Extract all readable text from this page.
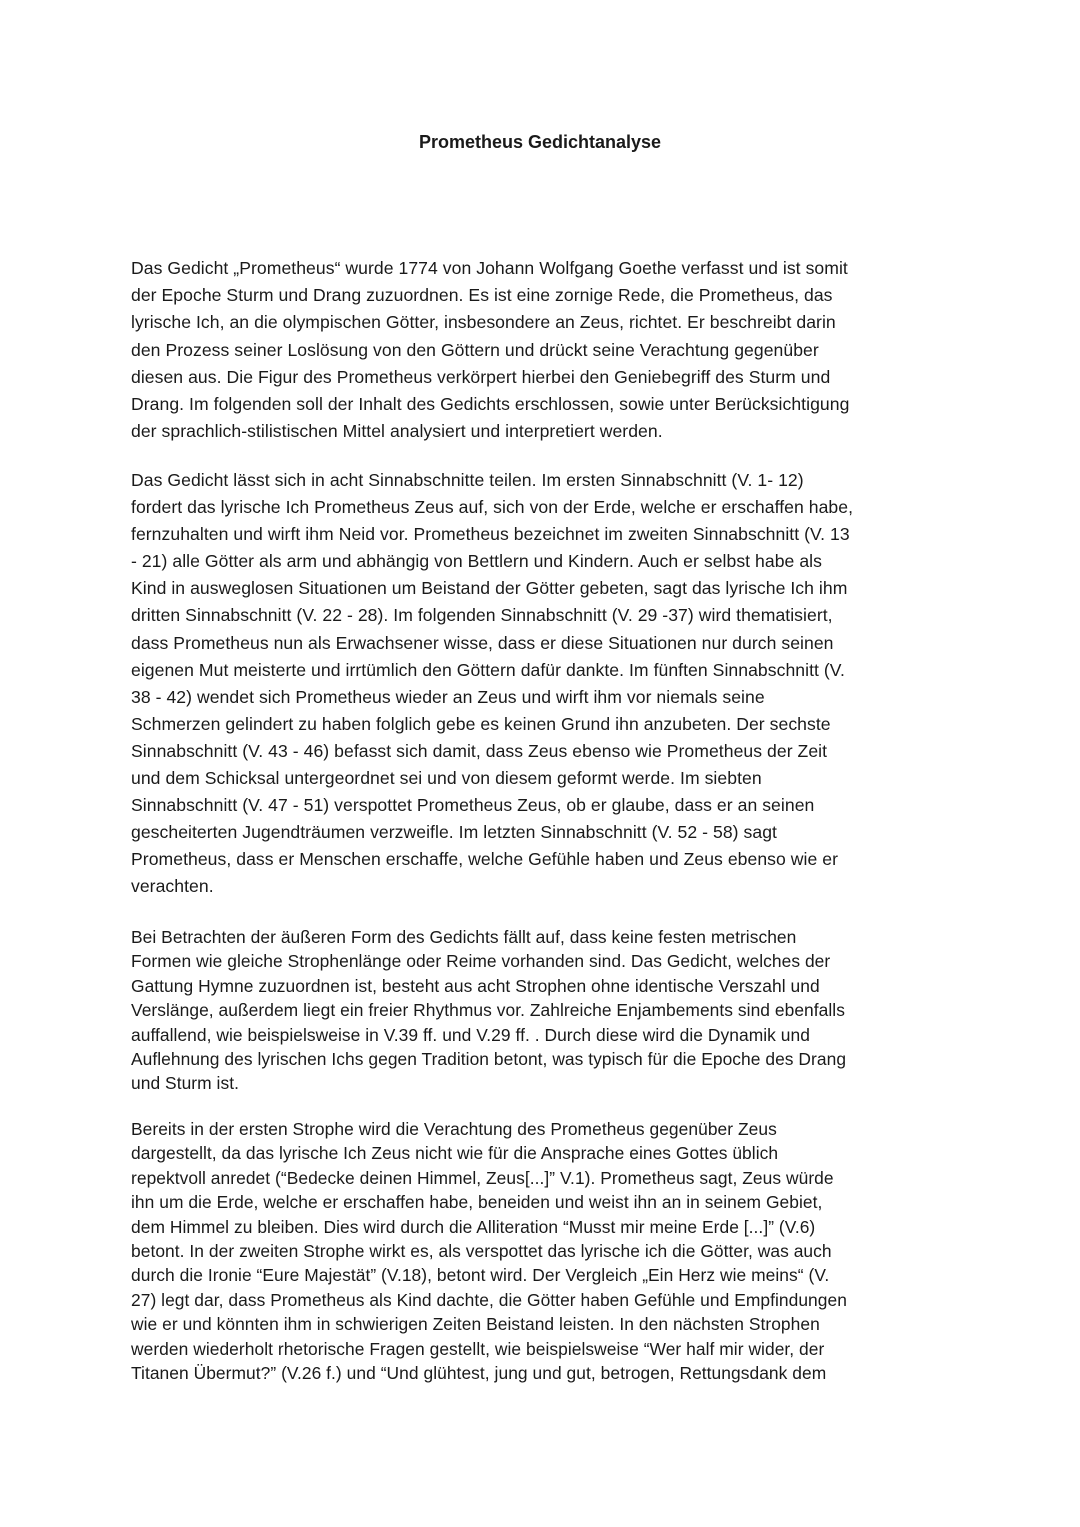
Prometheus Gedichtanalyse

Das Gedicht „Prometheus“ wurde 1774 von Johann Wolfgang Goethe verfasst und ist somit
der Epoche Sturm und Drang zuzuordnen. Es ist eine zornige Rede, die Prometheus, das
lyrische Ich, an die olympischen Götter, insbesondere an Zeus, richtet. Er beschreibt darin
den Prozess seiner Loslösung von den Göttern und drückt seine Verachtung gegenüber
diesen aus. Die Figur des Prometheus verkörpert hierbei den Geniebegriff des Sturm und
Drang. Im folgenden soll der Inhalt des Gedichts erschlossen, sowie unter Berücksichtigung
der sprachlich-stilistischen Mittel analysiert und interpretiert werden.

Das Gedicht lässt sich in acht Sinnabschnitte teilen. Im ersten Sinnabschnitt (V. 1- 12)
fordert das lyrische Ich Prometheus Zeus auf, sich von der Erde, welche er erschaffen habe,
fernzuhalten und wirft ihm Neid vor. Prometheus bezeichnet im zweiten Sinnabschnitt (V. 13
- 21) alle Götter als arm und abhängig von Bettlern und Kindern. Auch er selbst habe als
Kind in ausweglosen Situationen um Beistand der Götter gebeten, sagt das lyrische Ich ihm
dritten Sinnabschnitt (V. 22 - 28). Im folgenden Sinnabschnitt (V. 29 -37) wird thematisiert,
dass Prometheus nun als Erwachsener wisse, dass er diese Situationen nur durch seinen
eigenen Mut meisterte und irrtümlich den Göttern dafür dankte. Im fünften Sinnabschnitt (V.
38 - 42) wendet sich Prometheus wieder an Zeus und wirft ihm vor niemals seine
Schmerzen gelindert zu haben folglich gebe es keinen Grund ihn anzubeten. Der sechste
Sinnabschnitt (V. 43 - 46) befasst sich damit, dass Zeus ebenso wie Prometheus der Zeit
und dem Schicksal untergeordnet sei und von diesem geformt werde. Im siebten
Sinnabschnitt (V. 47 - 51) verspottet Prometheus Zeus, ob er glaube, dass er an seinen
gescheiterten Jugendträumen verzweifle. Im letzten Sinnabschnitt (V. 52 - 58) sagt
Prometheus, dass er Menschen erschaffe, welche Gefühle haben und Zeus ebenso wie er
verachten.

Bei Betrachten der äußeren Form des Gedichts fällt auf, dass keine festen metrischen
Formen wie gleiche Strophenlänge oder Reime vorhanden sind. Das Gedicht, welches der
Gattung Hymne zuzuordnen ist, besteht aus acht Strophen ohne identische Verszahl und
Verslänge, außerdem liegt ein freier Rhythmus vor. Zahlreiche Enjambements sind ebenfalls
auffallend, wie beispielsweise in V.39 ff. und V.29 ff. . Durch diese wird die Dynamik und
Auflehnung des lyrischen Ichs gegen Tradition betont, was typisch für die Epoche des Drang
und Sturm ist.

Bereits in der ersten Strophe wird die Verachtung des Prometheus gegenüber Zeus
dargestellt, da das lyrische Ich Zeus nicht wie für die Ansprache eines Gottes üblich
repektvoll anredet (“Bedecke deinen Himmel, Zeus[...]” V.1). Prometheus sagt, Zeus würde
ihn um die Erde, welche er erschaffen habe, beneiden und weist ihn an in seinem Gebiet,
dem Himmel zu bleiben. Dies wird durch die Alliteration “Musst mir meine Erde [...]” (V.6)
betont. In der zweiten Strophe wirkt es, als verspottet das lyrische ich die Götter, was auch
durch die Ironie “Eure Majestät” (V.18), betont wird. Der Vergleich „Ein Herz wie meins“ (V.
27) legt dar, dass Prometheus als Kind dachte, die Götter haben Gefühle und Empfindungen
wie er und könnten ihm in schwierigen Zeiten Beistand leisten. In den nächsten Strophen
werden wiederholt rhetorische Fragen gestellt, wie beispielsweise “Wer half mir wider, der
Titanen Übermut?” (V.26 f.) und “Und glühtest, jung und gut, betrogen, Rettungsdank dem
